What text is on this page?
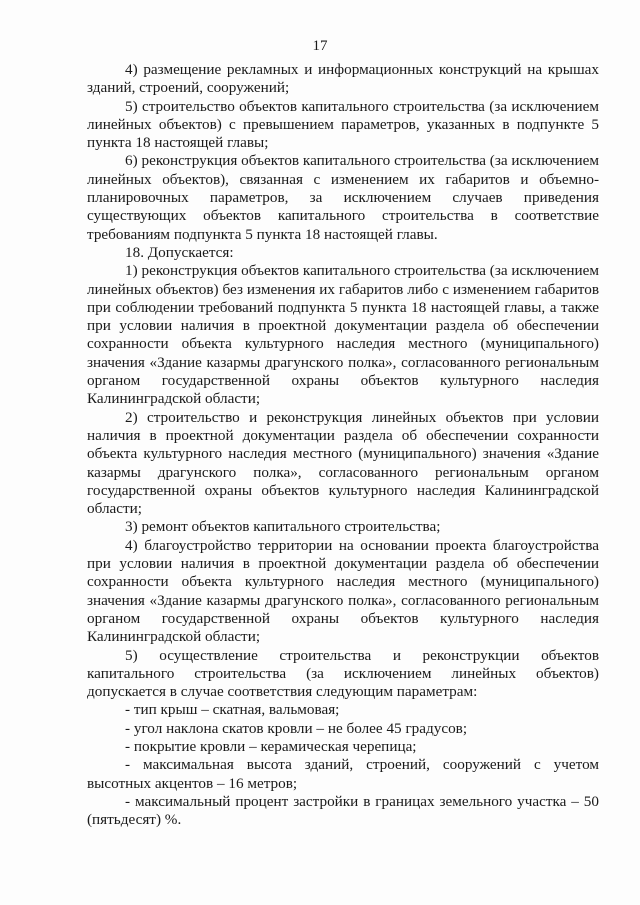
17

4) размещение рекламных и информационных конструкций на крышах зданий, строений, сооружений;

5) строительство объектов капитального строительства (за исключением линейных объектов) с превышением параметров, указанных в подпункте 5 пункта 18 настоящей главы;

6) реконструкция объектов капитального строительства (за исключением линейных объектов), связанная с изменением их габаритов и объемно-планировочных параметров, за исключением случаев приведения существующих объектов капитального строительства в соответствие требованиям подпункта 5 пункта 18 настоящей главы.

18. Допускается:

1) реконструкция объектов капитального строительства (за исключением линейных объектов) без изменения их габаритов либо с изменением габаритов при соблюдении требований подпункта 5 пункта 18 настоящей главы, а также при условии наличия в проектной документации раздела об обеспечении сохранности объекта культурного наследия местного (муниципального) значения «Здание казармы драгунского полка», согласованного региональным органом государственной охраны объектов культурного наследия Калининградской области;

2) строительство и реконструкция линейных объектов при условии наличия в проектной документации раздела об обеспечении сохранности объекта культурного наследия местного (муниципального) значения «Здание казармы драгунского полка», согласованного региональным органом государственной охраны объектов культурного наследия Калининградской области;

3) ремонт объектов капитального строительства;

4) благоустройство территории на основании проекта благоустройства при условии наличия в проектной документации раздела об обеспечении сохранности объекта культурного наследия местного (муниципального) значения «Здание казармы драгунского полка», согласованного региональным органом государственной охраны объектов культурного наследия Калининградской области;

5) осуществление строительства и реконструкции объектов капитального строительства (за исключением линейных объектов) допускается в случае соответствия следующим параметрам:

- тип крыш – скатная, вальмовая;

- угол наклона скатов кровли – не более 45 градусов;

- покрытие кровли – керамическая черепица;

- максимальная высота зданий, строений, сооружений с учетом высотных акцентов – 16 метров;

- максимальный процент застройки в границах земельного участка – 50 (пятьдесят) %.
